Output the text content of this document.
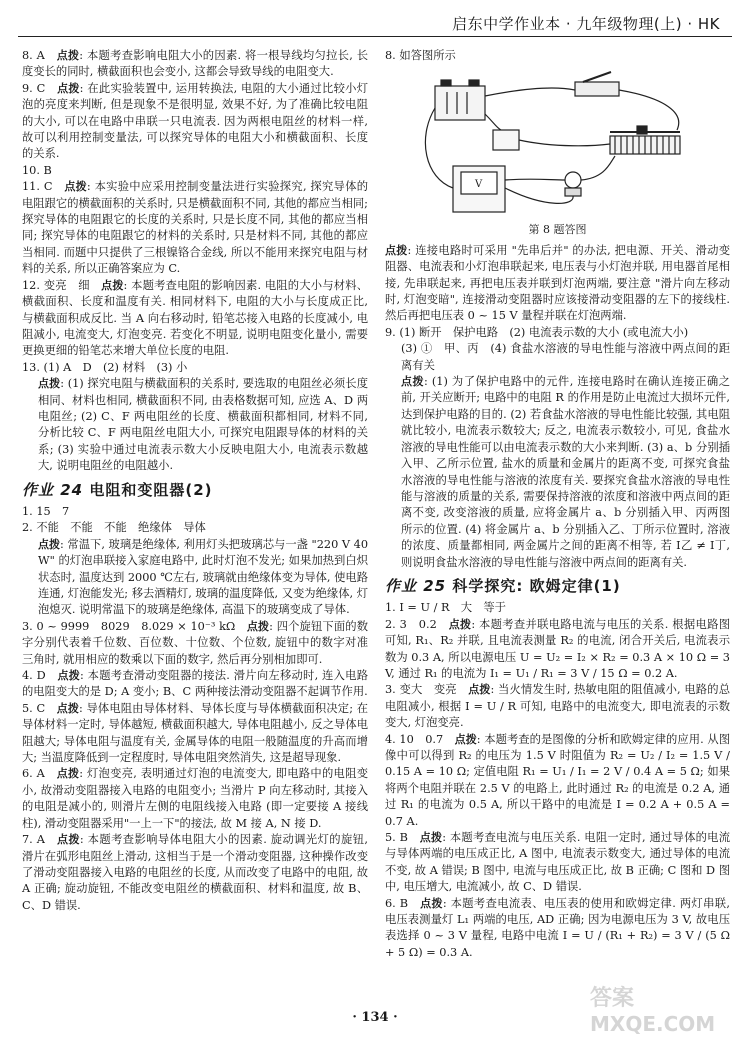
启东中学作业本 · 九年级物理(上) · HK
8. A　点拨: 本题考查影响电阻大小的因素. 将一根导线均匀拉长, 长度变长的同时, 横截面积也会变小, 这都会导致导线的电阻变大.
9. C　点拨: 在此实验装置中, 运用转换法, 电阻的大小通过比较小灯泡的亮度来判断, 但是现象不是很明显, 效果不好, 为了准确比较电阻的大小, 可以在电路中串联一只电流表. 因为两根电阻丝的材料一样, 故可以利用控制变量法, 可以探究导体的电阻大小和横截面积、长度的关系.
10. B
11. C　点拨: 本实验中应采用控制变量法进行实验探究, 探究导体的电阻跟它的横截面积的关系时, 只是横截面积不同, 其他的都应当相同; 探究导体的电阻跟它的长度的关系时, 只是长度不同, 其他的都应当相同; 探究导体的电阻跟它的材料的关系时, 只是材料不同, 其他的都应当相同. 而题中只提供了三根镍铬合金线, 所以不能用来探究电阻与材料的关系, 所以正确答案应为 C.
12. 变亮　细　点拨: 本题考查电阻的影响因素. 电阻的大小与材料、横截面积、长度和温度有关. 相同材料下, 电阻的大小与长度成正比, 与横截面积成反比. 当 A 向右移动时, 铅笔芯接入电路的长度减小, 电阻减小, 电流变大, 灯泡变亮. 若变化不明显, 说明电阻变化量小, 需要更换更细的铅笔芯来增大单位长度的电阻.
13. (1) A　D　(2) 材料　(3) 小
点拨: (1) 探究电阻与横截面积的关系时, 要选取的电阻丝必须长度相同、材料也相同, 横截面积不同, 由表格数据可知, 应选 A、D 两电阻丝; (2) C、F 两电阻丝的长度、横截面积都相同, 材料不同, 分析比较 C、F 两电阻丝电阻大小, 可探究电阻跟导体的材料的关系; (3) 实验中通过电流表示数大小反映电阻大小, 电流表示数越大, 说明电阻丝的电阻越小.
作业 24 电阻和变阻器(2)
1. 15　7
2. 不能　不能　不能　绝缘体　导体
点拨: 常温下, 玻璃是绝缘体, 利用灯头把玻璃芯与一盏 "220 V 40 W" 的灯泡串联接入家庭电路中, 此时灯泡不发光; 如果加热到白炽状态时, 温度达到 2000 ℃左右, 玻璃就由绝缘体变为导体, 使电路连通, 灯泡能发光; 移去酒精灯, 玻璃的温度降低, 又变为绝缘体, 灯泡熄灭. 说明常温下的玻璃是绝缘体, 高温下的玻璃变成了导体.
3. 0 ~ 9999　8029　8.029 × 10⁻³ kΩ　点拨: 四个旋钮下面的数字分别代表着千位数、百位数、十位数、个位数, 旋钮中的数字对准三角时, 就用相应的数乘以下面的数字, 然后再分别相加即可.
4. D　点拨: 本题考查滑动变阻器的接法. 滑片向左移动时, 连入电路的电阻变大的是 D; A 变小; B、C 两种接法滑动变阻器不起调节作用.
5. C　点拨: 导体电阻由导体材料、导体长度与导体横截面积决定; 在导体材料一定时, 导体越短, 横截面积越大, 导体电阻越小, 反之导体电阻越大; 导体电阻与温度有关, 金属导体的电阻一般随温度的升高而增大; 当温度降低到一定程度时, 导体电阻突然消失, 这是超导现象.
6. A　点拨: 灯泡变亮, 表明通过灯泡的电流变大, 即电路中的电阻变小, 故滑动变阻器接入电路的电阻变小; 当滑片 P 向左移动时, 其接入的电阻是减小的, 则滑片左侧的电阻线接入电路 (即一定要接 A 接线柱), 滑动变阻器采用"一上一下"的接法, 故 M 接 A, N 接 D.
7. A　点拨: 本题考查影响导体电阻大小的因素. 旋动调光灯的旋钮, 滑片在弧形电阻丝上滑动, 这相当于是一个滑动变阻器, 这种操作改变了滑动变阻器接入电路的电阻丝的长度, 从而改变了电路中的电阻, 故 A 正确; 旋动旋钮, 不能改变电阻丝的横截面积、材料和温度, 故 B、C、D 错误.
8. 如答图所示
V
第 8 题答图
点拨: 连接电路时可采用 "先串后并" 的办法, 把电源、开关、滑动变阻器、电流表和小灯泡串联起来, 电压表与小灯泡并联, 用电器首尾相接, 先串联起来, 再把电压表并联到灯泡两端, 要注意 "滑片向左移动时, 灯泡变暗", 连接滑动变阻器时应该接滑动变阻器的左下的接线柱. 然后再把电压表 0 ~ 15 V 量程并联在灯泡两端.
9. (1) 断开　保护电路　(2) 电流表示数的大小 (或电流大小)
(3) ①　甲、丙　(4) 食盐水溶液的导电性能与溶液中两点间的距离有关
点拨: (1) 为了保护电路中的元件, 连接电路时在确认连接正确之前, 开关应断开; 电路中的电阻 R 的作用是防止电流过大损坏元件, 达到保护电路的目的. (2) 若食盐水溶液的导电性能比较强, 其电阻就比较小, 电流表示数较大; 反之, 电流表示数较小, 可见, 食盐水溶液的导电性能可以由电流表示数的大小来判断. (3) a、b 分别插入甲、乙所示位置, 盐水的质量和金属片的距离不变, 可探究食盐水溶液的导电性能与溶液的浓度有关. 要探究食盐水溶液的导电性能与溶液的质量的关系, 需要保持溶液的浓度和溶液中两点间的距离不变, 改变溶液的质量, 应将金属片 a、b 分别插入甲、丙两图所示的位置. (4) 将金属片 a、b 分别插入乙、丁所示位置时, 溶液的浓度、质量都相同, 两金属片之间的距离不相等, 若 I乙 ≠ I丁, 则说明食盐水溶液的导电性能与溶液中两点间的距离有关.
作业 25 科学探究: 欧姆定律(1)
1. I = U / R　大　等于
2. 3　0.2　点拨: 本题考查并联电路电流与电压的关系. 根据电路图可知, R₁、R₂ 并联, 且电流表测量 R₂ 的电流, 闭合开关后, 电流表示数为 0.3 A, 所以电源电压 U = U₂ = I₂ × R₂ = 0.3 A × 10 Ω = 3 V, 通过 R₁ 的电流为 I₁ = U₁ / R₁ = 3 V / 15 Ω = 0.2 A.
3. 变大　变亮　点拨: 当火情发生时, 热敏电阻的阻值减小, 电路的总电阻减小, 根据 I = U / R 可知, 电路中的电流变大, 即电流表的示数变大, 灯泡变亮.
4. 10　0.7　点拨: 本题考查的是图像的分析和欧姆定律的应用. 从图像中可以得到 R₂ 的电压为 1.5 V 时阻值为 R₂ = U₂ / I₂ = 1.5 V / 0.15 A = 10 Ω; 定值电阻 R₁ = U₁ / I₁ = 2 V / 0.4 A = 5 Ω; 如果将两个电阻并联在 2.5 V 的电路上, 此时通过 R₂ 的电流是 0.2 A, 通过 R₁ 的电流为 0.5 A, 所以干路中的电流是 I = 0.2 A + 0.5 A = 0.7 A.
5. B　点拨: 本题考查电流与电压关系. 电阻一定时, 通过导体的电流与导体两端的电压成正比, A 图中, 电流表示数变大, 通过导体的电流不变, 故 A 错误; B 图中, 电流与电压成正比, 故 B 正确; C 图和 D 图中, 电压增大, 电流减小, 故 C、D 错误.
6. B　点拨: 本题考查电流表、电压表的使用和欧姆定律. 两灯串联, 电压表测量灯 L₁ 两端的电压, AD 正确; 因为电源电压为 3 V, 故电压表选择 0 ~ 3 V 量程, 电路中电流 I = U / (R₁ + R₂) = 3 V / (5 Ω + 5 Ω) = 0.3 A.
· 134 ·
答案
MXQE.COM
